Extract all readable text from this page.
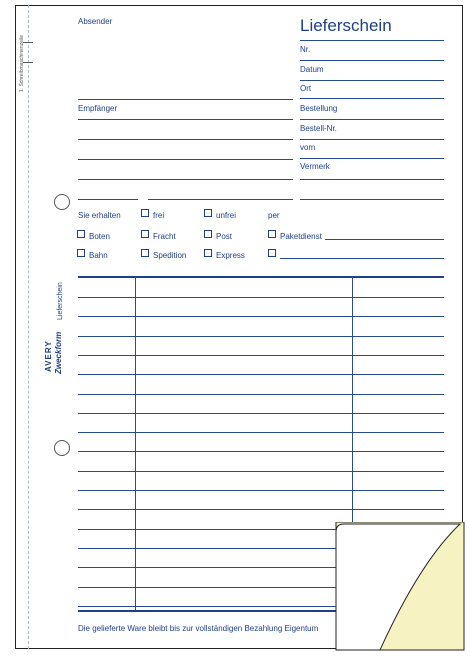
1. Schreibmaschinenzeile
Lieferschein
AVERY Zweckform
Absender
Empfänger
Lieferschein
Nr.
Datum
Ort
Bestellung
Bestell-Nr.
vom
Vermerk
Sie erhalten	frei	unfrei	per
Boten	Fracht	Post	Paketdienst
Bahn	Spedition	Express
Die gelieferte Ware bleibt bis zur vollständigen Bezahlung Eigentum
